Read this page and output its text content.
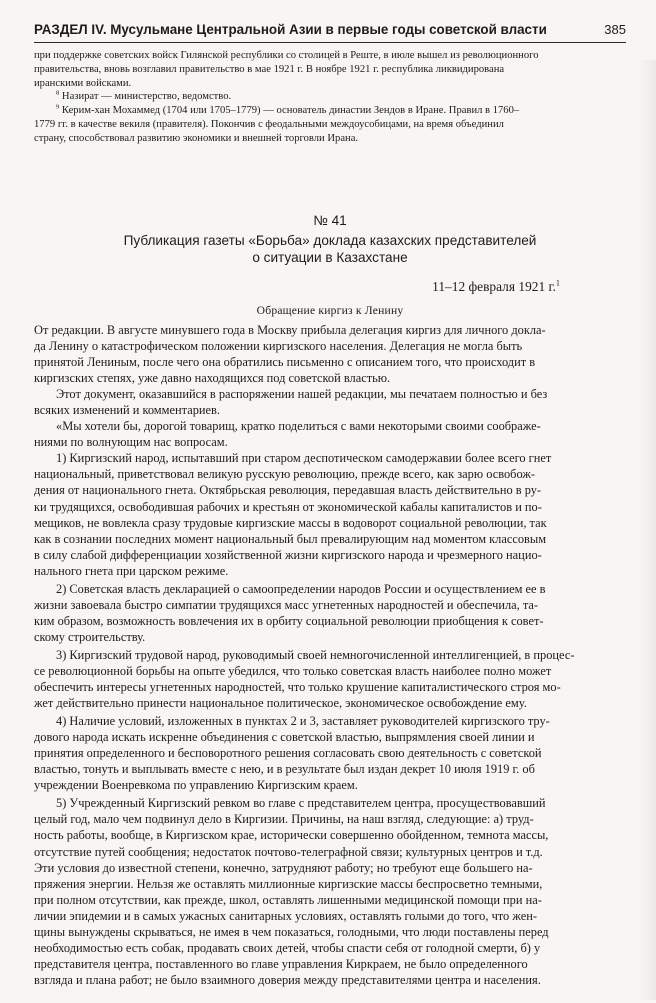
РАЗДЕЛ IV. Мусульмане Центральной Азии в первые годы советской власти	385

при поддержке советских войск Гилянской республики со столицей в Реште, в июле вышел из революционного

правительства, вновь возглавил правительство в мае 1921 г. В ноябре 1921 г. республика ликвидирована

иранскими войсками.

$^8$ Назират — министерство, ведомство.

$^9$ Керим-хан Мохаммед (1704 или 1705–1779) — основатель династии Зендов в Иране. Правил в 1760–

1779 гг. в качестве векиля (правителя). Покончив с феодальными междоусобицами, на время объединил

страну, способствовал развитию экономики и внешней торговли Ирана.

№ 41
Публикация газеты «Борьба» доклада казахских представителей
о ситуации в Казахстане
11–12 февраля 1921 г.$^1$
Обращение киргиз к Ленину

От редакции. В августе минувшего года в Москву прибыла делегация киргиз для личного докла-

да Ленину о катастрофическом положении киргизского населения. Делегация не могла быть

принятой Лениным, после чего она обратились письменно с описанием того, что происходит в

киргизских степях, уже давно находящихся под советской властью.

Этот документ, оказавшийся в распоряжении нашей редакции, мы печатаем полностью и без

всяких изменений и комментариев.

«Мы хотели бы, дорогой товарищ, кратко поделиться с вами некоторыми своими соображе-

ниями по волнующим нас вопросам.

1) Киргизский народ, испытавший при старом деспотическом самодержавии более всего гнет

национальный, приветствовал великую русскую революцию, прежде всего, как зарю освобож-

дения от национального гнета. Октябрьская революция, передавшая власть действительно в ру-

ки трудящихся, освободившая рабочих и крестьян от экономической кабалы капиталистов и по-

мещиков, не вовлекла сразу трудовые киргизские массы в водоворот социальной революции, так

как в сознании последних момент национальный был превалирующим над моментом классовым

в силу слабой дифференциации хозяйственной жизни киргизского народа и чрезмерного нацио-

нального гнета при царском режиме.

2) Советская власть декларацией о самоопределении народов России и осуществлением ее в

жизни завоевала быстро симпатии трудящихся масс угнетенных народностей и обеспечила, та-

ким образом, возможность вовлечения их в орбиту социальной революции приобщения к совет-

скому строительству.

3) Киргизский трудовой народ, руководимый своей немногочисленной интеллигенцией, в процес-

се революционной борьбы на опыте убедился, что только советская власть наиболее полно может

обеспечить интересы угнетенных народностей, что только крушение капиталистического строя мо-

жет действительно принести национальное политическое, экономическое освобождение ему.

4) Наличие условий, изложенных в пунктах 2 и 3, заставляет руководителей киргизского тру-

дового народа искать искренне объединения с советской властью, выпрямления своей линии и

принятия определенного и бесповоротного решения согласовать свою деятельность с советской

властью, тонуть и выплывать вместе с нею, и в результате был издан декрет 10 июля 1919 г. об

учреждении Военревкома по управлению Киргизским краем.

5) Учрежденный Киргизский ревком во главе с представителем центра, просуществовавший

целый год, мало чем подвинул дело в Киргизии. Причины, на наш взгляд, следующие: а) труд-

ность работы, вообще, в Киргизском крае, исторически совершенно обойденном, темнота массы,

отсутствие путей сообщения; недостаток почтово-телеграфной связи; культурных центров и т.д.

Эти условия до известной степени, конечно, затрудняют работу; но требуют еще большего на-

пряжения энергии. Нельзя же оставлять миллионные киргизские массы беспросветно темными,

при полном отсутствии, как прежде, школ, оставлять лишенными медицинской помощи при на-

личии эпидемии и в самых ужасных санитарных условиях, оставлять голыми до того, что жен-

щины вынуждены скрываться, не имея в чем показаться, голодными, что люди поставлены перед

необходимостью есть собак, продавать своих детей, чтобы спасти себя от голодной смерти, б) у

представителя центра, поставленного во главе управления Киркраем, не было определенного

взгляда и плана работ; не было взаимного доверия между представителями центра и населения.
